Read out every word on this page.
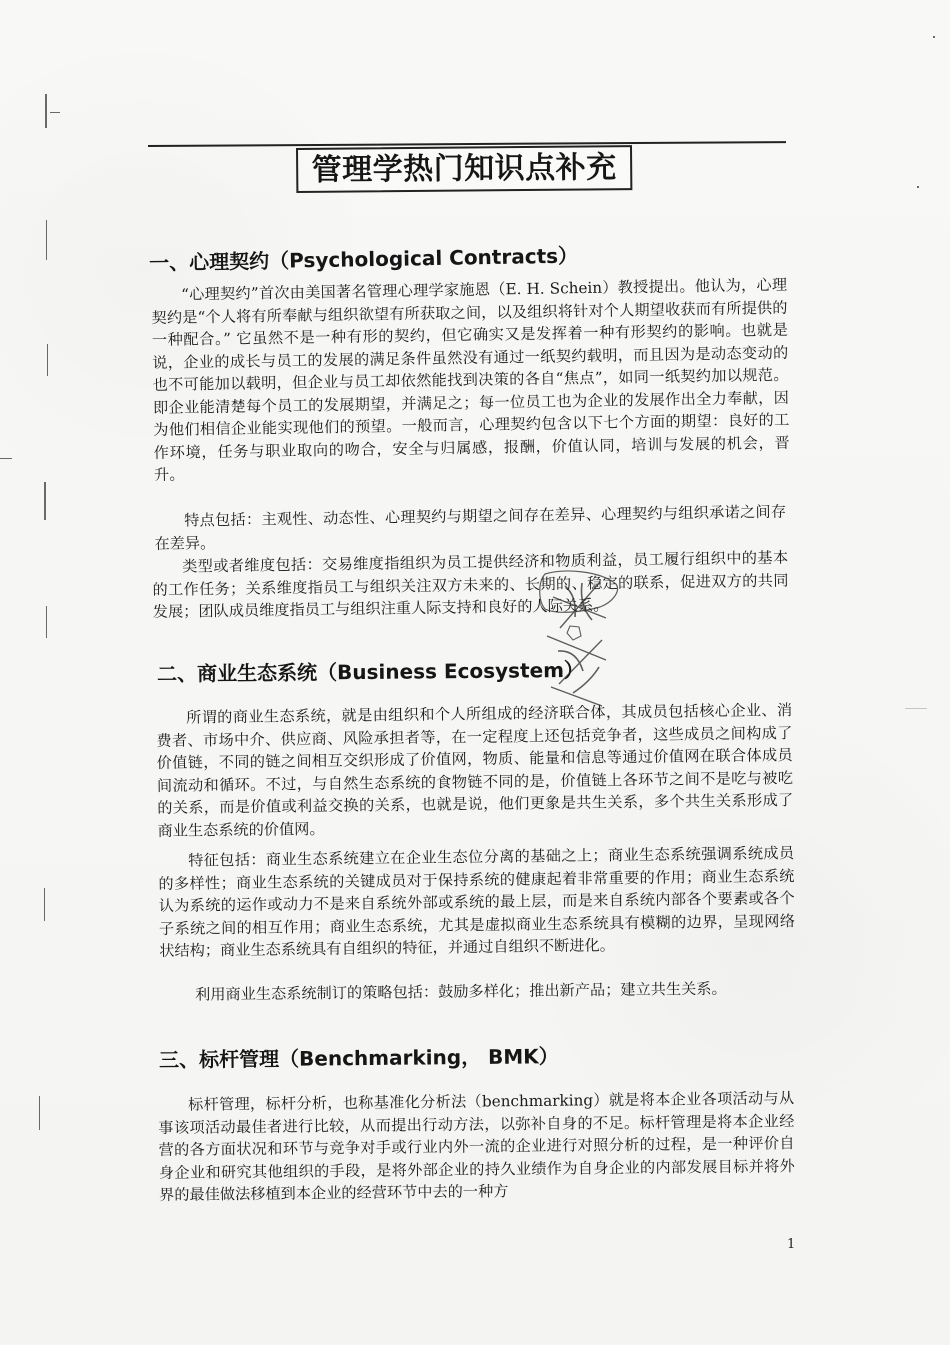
管理学热门知识点补充
一、心理契约（Psychological Contracts）

“心理契约”首次由美国著名管理心理学家施恩（E. H. Schein）教授提出。他认为，心理契约是“个人将有所奉献与组织欲望有所获取之间，以及组织将针对个人期望收获而有所提供的一种配合。” 它虽然不是一种有形的契约，但它确实又是发挥着一种有形契约的影响。也就是说，企业的成长与员工的发展的满足条件虽然没有通过一纸契约载明，而且因为是动态变动的也不可能加以载明，但企业与员工却依然能找到决策的各自“焦点”，如同一纸契约加以规范。即企业能清楚每个员工的发展期望，并满足之；每一位员工也为企业的发展作出全力奉献，因为他们相信企业能实现他们的预望。一般而言，心理契约包含以下七个方面的期望：良好的工作环境，任务与职业取向的吻合，安全与归属感，报酬，价值认同，培训与发展的机会，晋升。

特点包括：主观性、动态性、心理契约与期望之间存在差异、心理契约与组织承诺之间存在差异。

类型或者维度包括：交易维度指组织为员工提供经济和物质利益，员工履行组织中的基本的工作任务；关系维度指员工与组织关注双方未来的、长期的、稳定的联系，促进双方的共同发展；团队成员维度指员工与组织注重人际支持和良好的人际关系。

二、商业生态系统（Business Ecosystem）

所谓的商业生态系统，就是由组织和个人所组成的经济联合体，其成员包括核心企业、消费者、市场中介、供应商、风险承担者等，在一定程度上还包括竞争者，这些成员之间构成了价值链，不同的链之间相互交织形成了价值网，物质、能量和信息等通过价值网在联合体成员间流动和循环。不过，与自然生态系统的食物链不同的是，价值链上各环节之间不是吃与被吃的关系，而是价值或利益交换的关系，也就是说，他们更象是共生关系，多个共生关系形成了商业生态系统的价值网。

特征包括：商业生态系统建立在企业生态位分离的基础之上；商业生态系统强调系统成员的多样性；商业生态系统的关键成员对于保持系统的健康起着非常重要的作用；商业生态系统认为系统的运作或动力不是来自系统外部或系统的最上层，而是来自系统内部各个要素或各个子系统之间的相互作用；商业生态系统，尤其是虚拟商业生态系统具有模糊的边界，呈现网络状结构；商业生态系统具有自组织的特征，并通过自组织不断进化。

利用商业生态系统制订的策略包括：鼓励多样化；推出新产品；建立共生关系。

三、标杆管理（Benchmarking， BMK）

标杆管理，标杆分析，也称基准化分析法（benchmarking）就是将本企业各项活动与从事该项活动最佳者进行比较，从而提出行动方法，以弥补自身的不足。标杆管理是将本企业经营的各方面状况和环节与竞争对手或行业内外一流的企业进行对照分析的过程，是一种评价自身企业和研究其他组织的手段，是将外部企业的持久业绩作为自身企业的内部发展目标并将外界的最佳做法移植到本企业的经营环节中去的一种方

1
